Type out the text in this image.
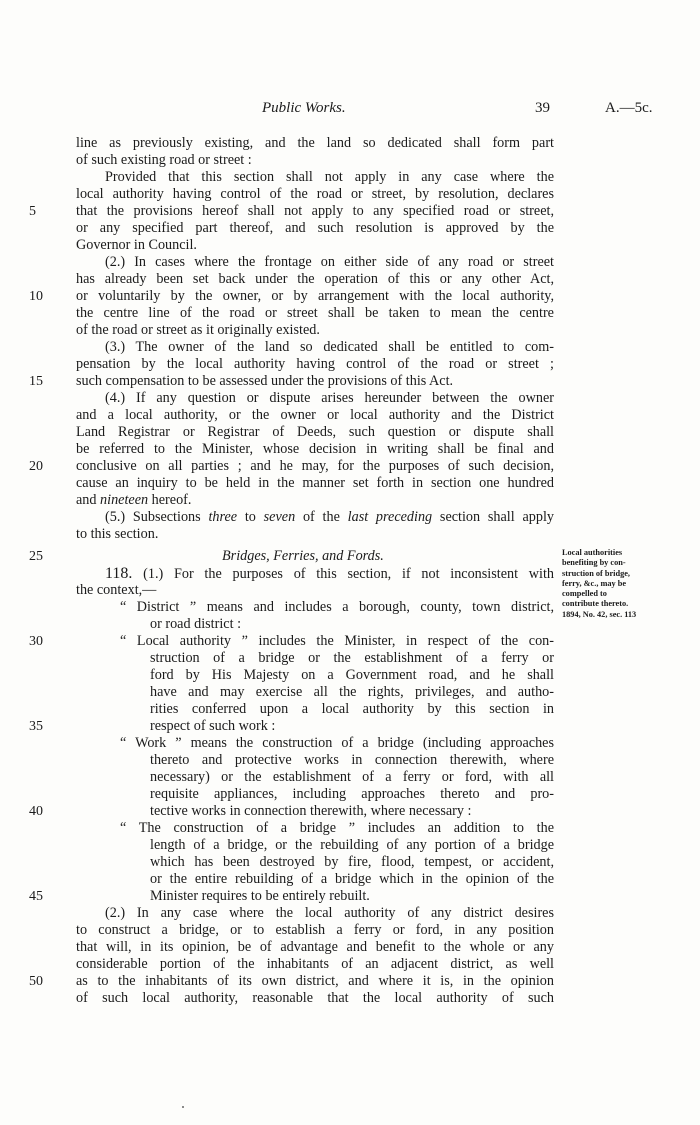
Public Works.	39	A.—5c.
line as previously existing, and the land so dedicated shall form part
of such existing road or street :
Provided that this section shall not apply in any case where the
local authority having control of the road or street, by resolution, declares
5	that the provisions hereof shall not apply to any specified road or street,
or any specified part thereof, and such resolution is approved by the
Governor in Council.
(2.) In cases where the frontage on either side of any road or street
has already been set back under the operation of this or any other Act,
10	or voluntarily by the owner, or by arrangement with the local authority,
the centre line of the road or street shall be taken to mean the centre
of the road or street as it originally existed.
(3.) The owner of the land so dedicated shall be entitled to com-
pensation by the local authority having control of the road or street ;
15	such compensation to be assessed under the provisions of this Act.
(4.) If any question or dispute arises hereunder between the owner
and a local authority, or the owner or local authority and the District
Land Registrar or Registrar of Deeds, such question or dispute shall
be referred to the Minister, whose decision in writing shall be final and
20	conclusive on all parties ; and he may, for the purposes of such decision,
cause an inquiry to be held in the manner set forth in section one hundred
and nineteen hereof.
(5.) Subsections three to seven of the last preceding section shall apply
to this section.
25	Bridges, Ferries, and Fords.
118. (1.) For the purposes of this section, if not inconsistent with
the context,—
“ District ” means and includes a borough, county, town district,
or road district :
30	“ Local authority ” includes the Minister, in respect of the con-
struction of a bridge or the establishment of a ferry or
ford by His Majesty on a Government road, and he shall
have and may exercise all the rights, privileges, and autho-
rities conferred upon a local authority by this section in
35	respect of such work :
“ Work ” means the construction of a bridge (including approaches
thereto and protective works in connection therewith, where
necessary) or the establishment of a ferry or ford, with all
requisite appliances, including approaches thereto and pro-
40	tective works in connection therewith, where necessary :
“ The construction of a bridge ” includes an addition to the
length of a bridge, or the rebuilding of any portion of a bridge
which has been destroyed by fire, flood, tempest, or accident,
or the entire rebuilding of a bridge which in the opinion of the
45	Minister requires to be entirely rebuilt.
(2.) In any case where the local authority of any district desires
to construct a bridge, or to establish a ferry or ford, in any position
that will, in its opinion, be of advantage and benefit to the whole or any
considerable portion of the inhabitants of an adjacent district, as well
50	as to the inhabitants of its own district, and where it is, in the opinion
of such local authority, reasonable that the local authority of such
Local authorities
benefiting by con-
struction of bridge,
ferry, &c., may be
compelled to
contribute thereto.
1894, No. 42, sec. 113
